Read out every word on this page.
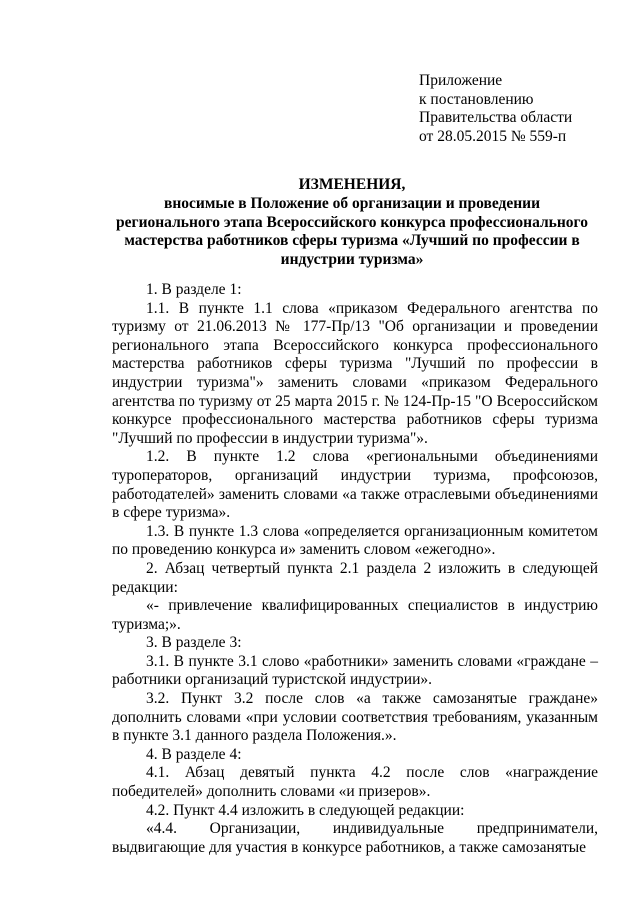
Приложение
к постановлению
Правительства области
от 28.05.2015 № 559-п
ИЗМЕНЕНИЯ,
вносимые в Положение об организации и проведении регионального этапа Всероссийского конкурса профессионального мастерства работников сферы туризма «Лучший по профессии в индустрии туризма»
1. В разделе 1:
1.1. В пункте 1.1 слова «приказом Федерального агентства по туризму от 21.06.2013 № 177-Пр/13 "Об организации и проведении регионального этапа Всероссийского конкурса профессионального мастерства работников сферы туризма "Лучший по профессии в индустрии туризма"» заменить словами «приказом Федерального агентства по туризму от 25 марта 2015 г. № 124-Пр-15 "О Всероссийском конкурсе профессионального мастерства работников сферы туризма "Лучший по профессии в индустрии туризма"».
1.2. В пункте 1.2 слова «региональными объединениями туроператоров, организаций индустрии туризма, профсоюзов, работодателей» заменить словами «а также отраслевыми объединениями в сфере туризма».
1.3. В пункте 1.3 слова «определяется организационным комитетом по проведению конкурса и» заменить словом «ежегодно».
2. Абзац четвертый пункта 2.1 раздела 2 изложить в следующей редакции:
«- привлечение квалифицированных специалистов в индустрию туризма;».
3. В разделе 3:
3.1. В пункте 3.1 слово «работники» заменить словами «граждане – работники организаций туристской индустрии».
3.2. Пункт 3.2 после слов «а также самозанятые граждане» дополнить словами «при условии соответствия требованиям, указанным в пункте 3.1 данного раздела Положения.».
4. В разделе 4:
4.1. Абзац девятый пункта 4.2 после слов «награждение победителей» дополнить словами «и призеров».
4.2. Пункт 4.4 изложить в следующей редакции:
«4.4. Организации, индивидуальные предприниматели, выдвигающие для участия в конкурсе работников, а также самозанятые
